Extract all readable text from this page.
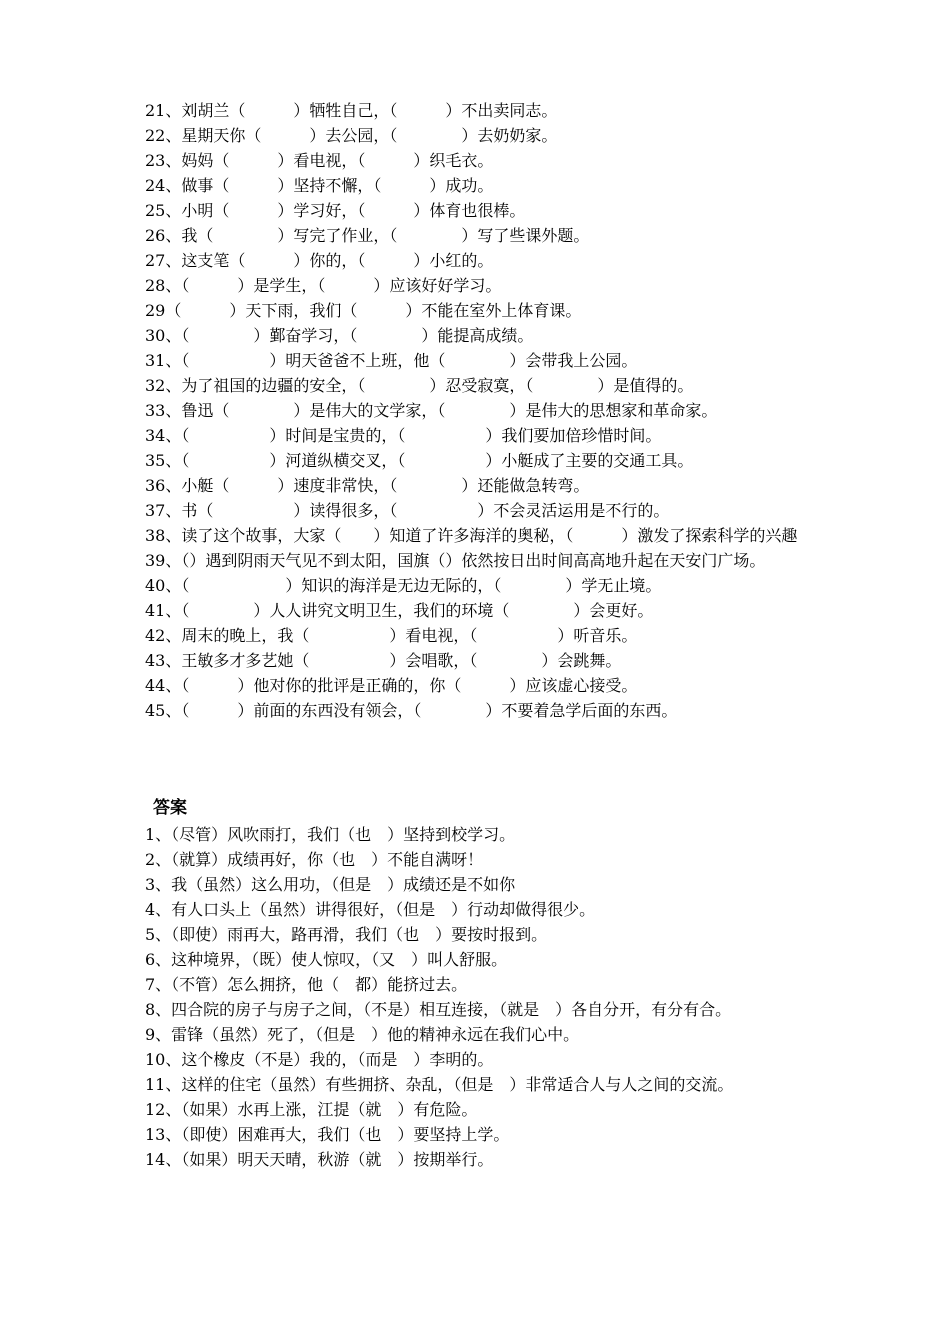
21、刘胡兰（　　　）牺牲自己，（　　　）不出卖同志。
22、星期天你（　　　）去公园，（　　　　）去奶奶家。
23、妈妈（　　　）看电视，（　　　）织毛衣。
24、做事（　　　）坚持不懈，（　　　）成功。
25、小明（　　　）学习好，（　　　）体育也很棒。
26、我（　　　　）写完了作业，（　　　　）写了些课外题。
27、这支笔（　　　）你的，（　　　）小红的。
28、（　　　）是学生，（　　　）应该好好学习。
29（　　　）天下雨，我们（　　　）不能在室外上体育课。
30、（　　　　）鄞奋学习，（　　　　）能提高成绩。
31、（　　　　　）明天爸爸不上班，他（　　　　）会带我上公园。
32、为了祖国的边疆的安全，（　　　　）忍受寂寞，（　　　　）是值得的。
33、鲁迅（　　　　）是伟大的文学家，（　　　　）是伟大的思想家和革命家。
34、（　　　　　）时间是宝贵的，（　　　　　）我们要加倍珍惜时间。
35、（　　　　　）河道纵横交叉，（　　　　　）小艇成了主要的交通工具。
36、小艇（　　　）速度非常快，（　　　　）还能做急转弯。
37、书（　　　　　）读得很多，（　　　　　）不会灵活运用是不行的。
38、读了这个故事，大家（　　）知道了许多海洋的奥秘，（　　　）激发了探索科学的兴趣
39、（）遇到阴雨天气见不到太阳，国旗（）依然按日出时间高高地升起在天安门广场。
40、（　　　　　　）知识的海洋是无边无际的，（　　　　）学无止境。
41、（　　　　）人人讲究文明卫生，我们的环境（　　　　）会更好。
42、周末的晚上，我（　　　　　）看电视，（　　　　　）听音乐。
43、王敏多才多艺她（　　　　　）会唱歌，（　　　　）会跳舞。
44、（　　　）他对你的批评是正确的，你（　　　）应该虚心接受。
45、（　　　）前面的东西没有领会，（　　　　）不要着急学后面的东西。
答案
1、（尽管）风吹雨打，我们（也　）坚持到校学习。
2、（就算）成绩再好，你（也　）不能自满呀！
3、我（虽然）这么用功，（但是　）成绩还是不如你
4、有人口头上（虽然）讲得很好，（但是　）行动却做得很少。
5、（即使）雨再大，路再滑，我们（也　）要按时报到。
6、这种境界，（既）使人惊叹，（又　）叫人舒服。
7、（不管）怎么拥挤，他（　都）能挤过去。
8、四合院的房子与房子之间，（不是）相互连接，（就是　）各自分开，有分有合。
9、雷锋（虽然）死了，（但是　）他的精神永远在我们心中。
10、这个橡皮（不是）我的，（而是　）李明的。
11、这样的住宅（虽然）有些拥挤、杂乱，（但是　）非常适合人与人之间的交流。
12、（如果）水再上涨，江提（就　）有危险。
13、（即使）困难再大，我们（也　）要坚持上学。
14、（如果）明天天晴，秋游（就　）按期举行。
